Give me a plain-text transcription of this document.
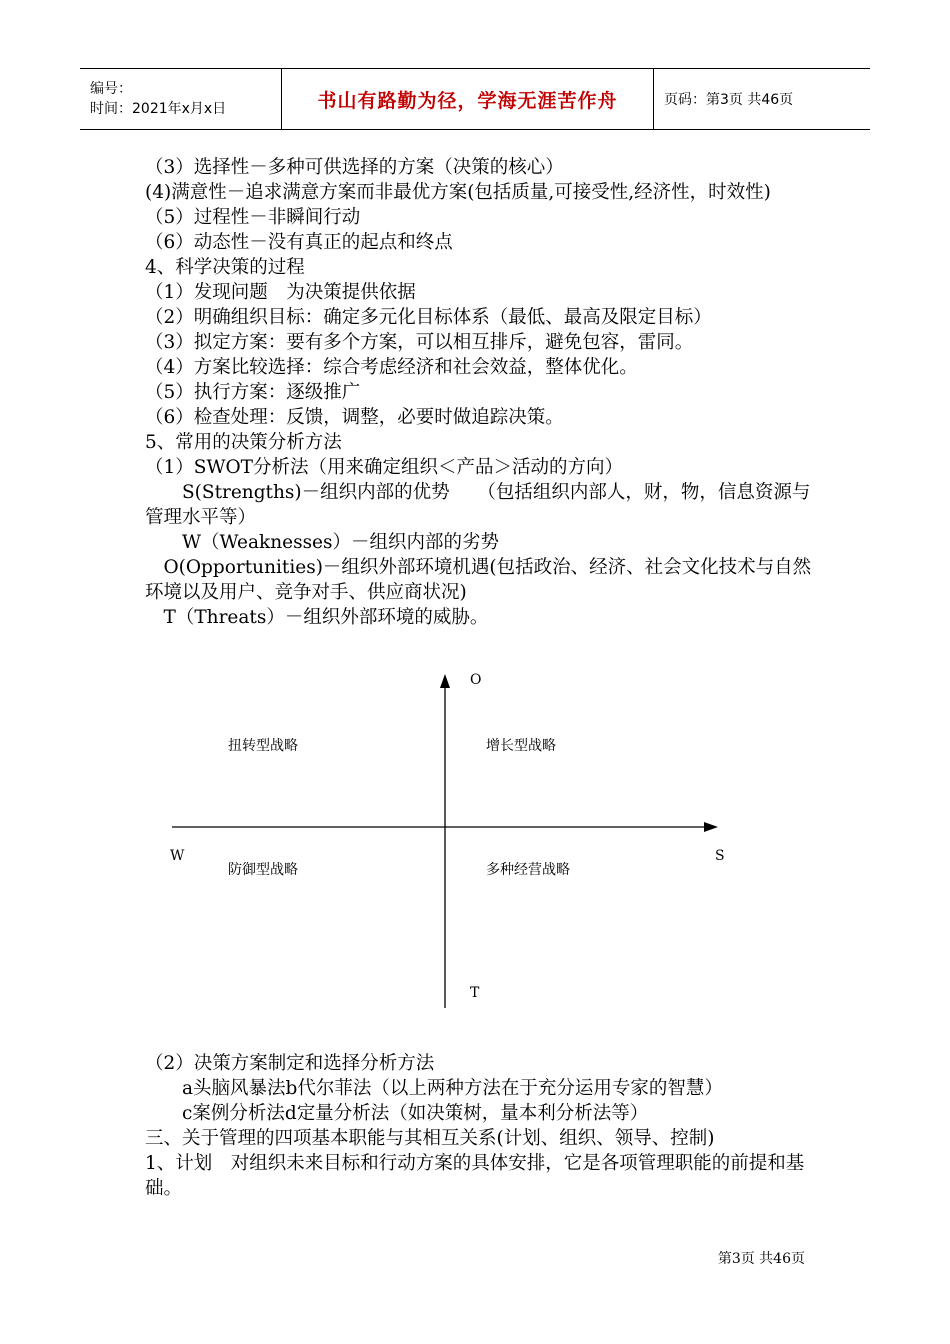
编号：
时间：2021年x月x日	书山有路勤为径，学海无涯苦作舟	页码：第3页 共46页
（3）选择性－多种可供选择的方案（决策的核心）
(4)满意性－追求满意方案而非最优方案(包括质量,可接受性,经济性，时效性)
（5）过程性－非瞬间行动
（6）动态性－没有真正的起点和终点
4、科学决策的过程
（1）发现问题　为决策提供依据
（2）明确组织目标：确定多元化目标体系（最低、最高及限定目标）
（3）拟定方案：要有多个方案，可以相互排斥，避免包容，雷同。
（4）方案比较选择：综合考虑经济和社会效益，整体优化。
（5）执行方案：逐级推广
（6）检查处理：反馈，调整，必要时做追踪决策。
5、常用的决策分析方法
（1）SWOT分析法（用来确定组织＜产品＞活动的方向）
　　S(Strengths)－组织内部的优势　　（包括组织内部人，财，物，信息资源与管理水平等）
　　W（Weaknesses）－组织内部的劣势
　O(Opportunities)－组织外部环境机遇(包括政治、经济、社会文化技术与自然环境以及用户、竞争对手、供应商状况)
　T（Threats）－组织外部环境的威胁。
O
T
W	S
扭转型战略	增长型战略
防御型战略	多种经营战略
（2）决策方案制定和选择分析方法
　　a头脑风暴法b代尔菲法（以上两种方法在于充分运用专家的智慧）
　　c案例分析法d定量分析法（如决策树，量本利分析法等）
三、关于管理的四项基本职能与其相互关系(计划、组织、领导、控制)
1、计划　对组织未来目标和行动方案的具体安排，它是各项管理职能的前提和基础。
第3页 共46页
